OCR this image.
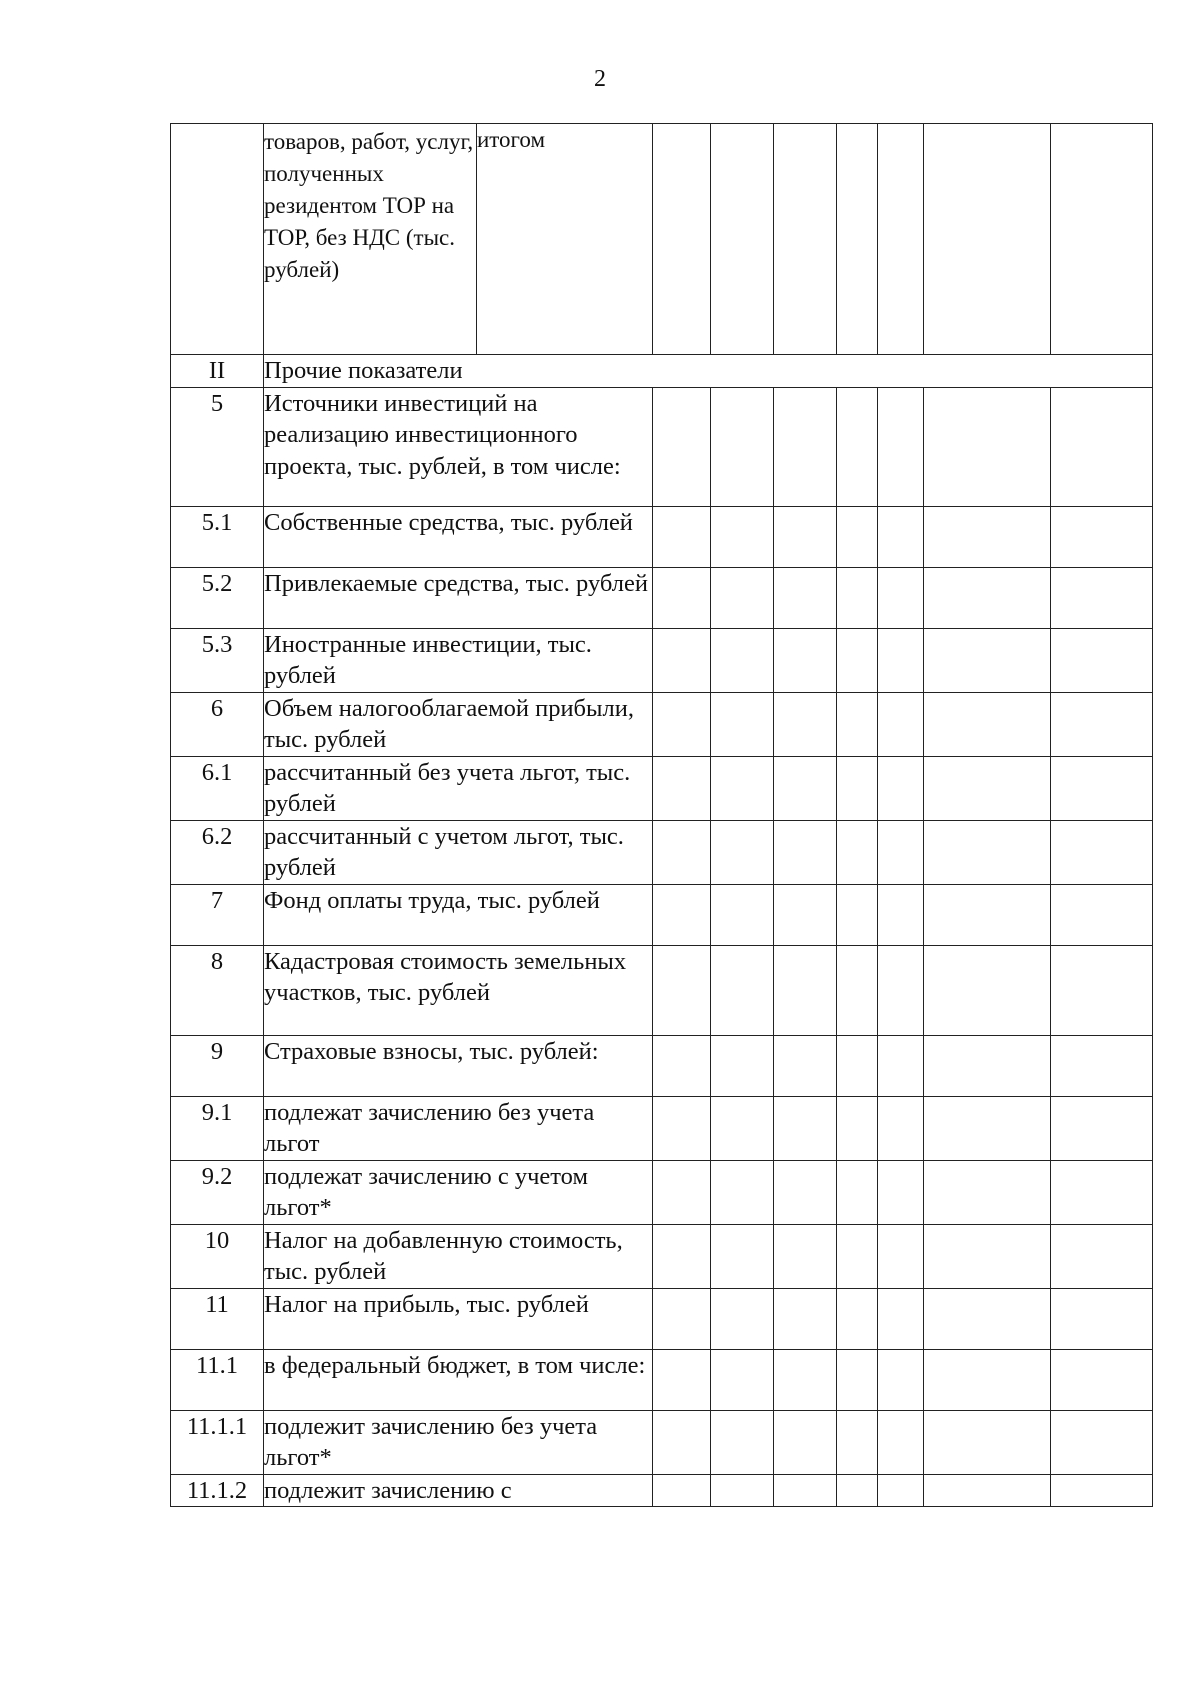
2
	товаров, работ, услуг, полученных резидентом ТОР на ТОР, без НДС (тыс. рублей)	итогом							
II	Прочие показатели								
5	Источники инвестиций на реализацию инвестиционного проекта, тыс. рублей, в том числе:								
5.1	Собственные средства, тыс. рублей								
5.2	Привлекаемые средства, тыс. рублей								
5.3	Иностранные инвестиции, тыс. рублей								
6	Объем налогооблагаемой прибыли, тыс. рублей								
6.1	рассчитанный без учета льгот, тыс. рублей								
6.2	рассчитанный с учетом льгот, тыс. рублей								
7	Фонд оплаты труда, тыс. рублей								
8	Кадастровая стоимость земельных участков, тыс. рублей								
9	Страховые взносы, тыс. рублей:								
9.1	подлежат зачислению без учета льгот								
9.2	подлежат зачислению с учетом льгот*								
10	Налог на добавленную стоимость, тыс. рублей								
11	Налог на прибыль, тыс. рублей								
11.1	в федеральный бюджет, в том числе:								
11.1.1	подлежит зачислению без учета льгот*								
11.1.2	подлежит зачислению с								
